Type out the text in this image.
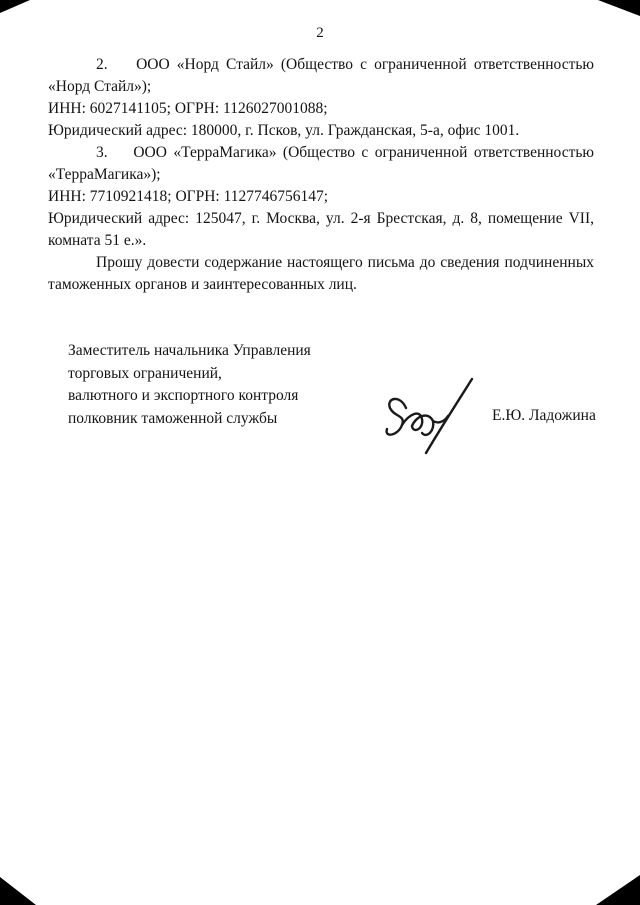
2

2.    ООО «Норд Стайл» (Общество с ограниченной ответственностью «Норд Стайл»);

ИНН: 6027141105; ОГРН: 1126027001088;

Юридический адрес: 180000, г. Псков, ул. Гражданская, 5-а, офис 1001.

3.    ООО «ТерраМагика» (Общество с ограниченной ответственностью «ТерраМагика»);

ИНН: 7710921418; ОГРН: 1127746756147;

Юридический адрес: 125047, г. Москва, ул. 2-я Брестская, д. 8, помещение VII, комната 51 е.».

Прошу довести содержание настоящего письма до сведения подчиненных таможенных органов и заинтересованных лиц.

Заместитель начальника Управления

торговых ограничений,

валютного и экспортного контроля

полковник таможенной службы	Е.Ю. Ладожина
